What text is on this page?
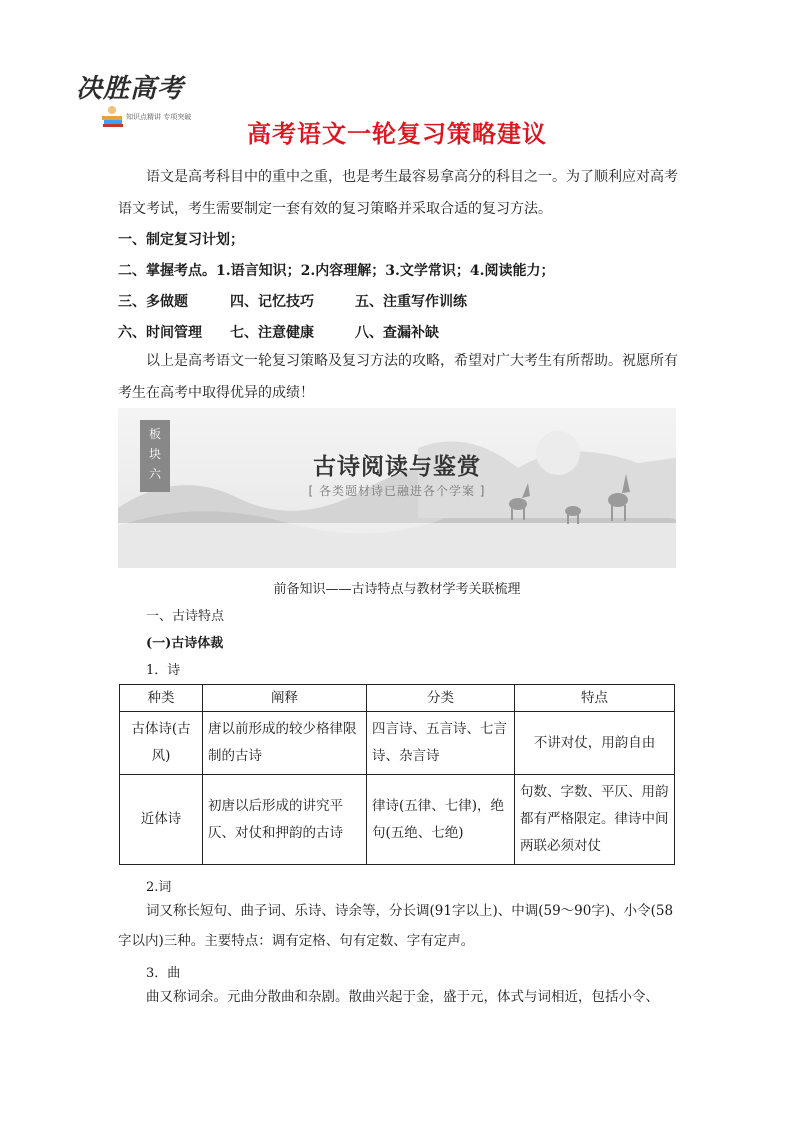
决胜高考
知识点精讲 专项突破
高考语文一轮复习策略建议
语文是高考科目中的重中之重，也是考生最容易拿高分的科目之一。为了顺利应对高考语文考试，考生需要制定一套有效的复习策略并采取合适的复习方法。
一、制定复习计划；
二、掌握考点。1.语言知识；2.内容理解；3.文学常识；4.阅读能力；
三、多做题	四、记忆技巧	五、注重写作训练
六、时间管理 七、注意健康	八、查漏补缺
以上是高考语文一轮复习策略及复习方法的攻略，希望对广大考生有所帮助。祝愿所有考生在高考中取得优异的成绩！
板
块
六	古诗阅读与鉴赏
[ 各类题材诗已融进各个学案 ]
前备知识——古诗特点与教材学考关联梳理
一、古诗特点
(一)古诗体裁
1．诗
种类	阐释	分类	特点
古体诗(古风)	唐以前形成的较少格律限制的古诗	四言诗、五言诗、七言诗、杂言诗	不讲对仗，用韵自由
近体诗	初唐以后形成的讲究平仄、对仗和押韵的古诗	律诗(五律、七律)，绝句(五绝、七绝)	句数、字数、平仄、用韵都有严格限定。律诗中间两联必须对仗
2.词
词又称长短句、曲子词、乐诗、诗余等，分长调(91字以上)、中调(59～90字)、小令(58字以内)三种。主要特点：调有定格、句有定数、字有定声。
3．曲
曲又称词余。元曲分散曲和杂剧。散曲兴起于金，盛于元，体式与词相近，包括小令、
